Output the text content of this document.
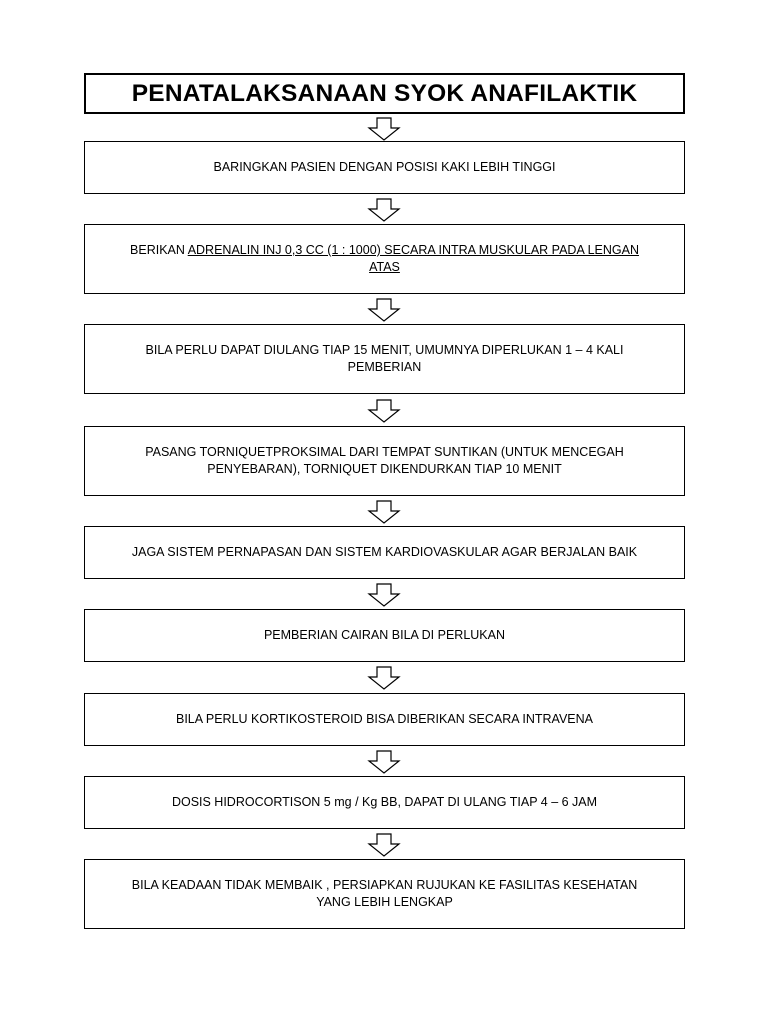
PENATALAKSANAAN SYOK ANAFILAKTIK
BARINGKAN PASIEN DENGAN POSISI KAKI LEBIH TINGGI
BERIKAN ADRENALIN INJ 0,3 CC (1 : 1000) SECARA INTRA MUSKULAR PADA LENGAN ATAS
BILA PERLU DAPAT DIULANG TIAP 15 MENIT, UMUMNYA DIPERLUKAN 1 – 4 KALI PEMBERIAN
PASANG TORNIQUETPROKSIMAL DARI TEMPAT SUNTIKAN (UNTUK MENCEGAH PENYEBARAN), TORNIQUET DIKENDURKAN TIAP 10 MENIT
JAGA SISTEM PERNAPASAN DAN SISTEM KARDIOVASKULAR AGAR BERJALAN BAIK
PEMBERIAN CAIRAN BILA DI PERLUKAN
BILA PERLU KORTIKOSTEROID BISA DIBERIKAN SECARA INTRAVENA
DOSIS HIDROCORTISON 5 mg / Kg BB, DAPAT DI ULANG TIAP 4 – 6 JAM
BILA KEADAAN TIDAK MEMBAIK , PERSIAPKAN RUJUKAN KE FASILITAS KESEHATAN YANG LEBIH LENGKAP
